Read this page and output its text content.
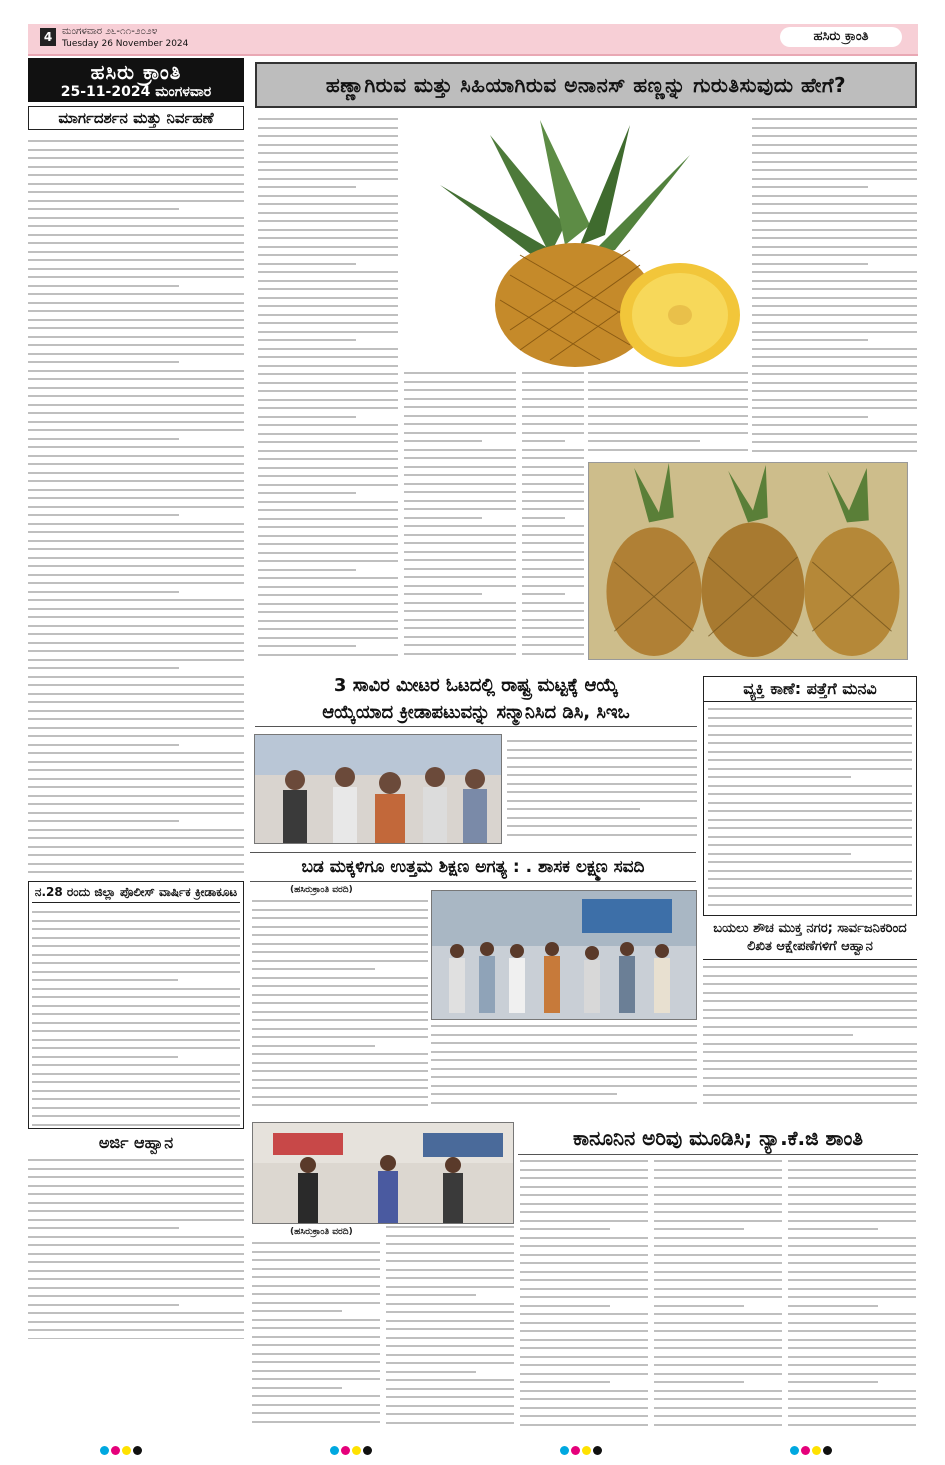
4 ಮಂಗಳವಾರ ೨೬-೧೧-೨೦೨೪
Tuesday 26 November 2024	ಹಸಿರು ಕ್ರಾಂತಿ
ಹಸಿರು ಕ್ರಾಂತಿ
25-11-2024 ಮಂಗಳವಾರ
ಮಾರ್ಗದರ್ಶನ ಮತ್ತು ನಿರ್ವಹಣೆ
ನ.28 ರಂದು ಜಿಲ್ಲಾ ಪೊಲೀಸ್ ವಾರ್ಷಿಕ ಕ್ರೀಡಾಕೂಟ
ಅರ್ಜಿ ಆಹ್ವಾನ
ಹಣ್ಣಾಗಿರುವ ಮತ್ತು ಸಿಹಿಯಾಗಿರುವ ಅನಾನಸ್ ಹಣ್ಣನ್ನು ಗುರುತಿಸುವುದು ಹೇಗೆ?
3 ಸಾವಿರ ಮೀಟರ ಓಟದಲ್ಲಿ ರಾಷ್ಟ್ರ ಮಟ್ಟಕ್ಕೆ ಆಯ್ಕೆ
ಆಯ್ಕೆಯಾದ ಕ್ರೀಡಾಪಟುವನ್ನು ಸನ್ಮಾನಿಸಿದ ಡಿಸಿ, ಸಿಇಒ
ಬಡ ಮಕ್ಕಳಿಗೂ ಉತ್ತಮ ಶಿಕ್ಷಣ ಅಗತ್ಯ : . ಶಾಸಕ ಲಕ್ಷ್ಮಣ ಸವದಿ
(ಹಸಿರುಕ್ರಾಂತಿ ವರದಿ)
ವ್ಯಕ್ತಿ ಕಾಣೆ: ಪತ್ತೆಗೆ ಮನವಿ
ಬಯಲು ಶೌಚ ಮುಕ್ತ ನಗರ; ಸಾರ್ವಜನಿಕರಿಂದ ಲಿಖಿತ ಆಕ್ಷೇಪಣೆಗಳಿಗೆ ಆಹ್ವಾನ
(ಹಸಿರುಕ್ರಾಂತಿ ವರದಿ)
ಕಾನೂನಿನ ಅರಿವು ಮೂಡಿಸಿ; ನ್ಯಾ.ಕೆ.ಜಿ ಶಾಂತಿ
